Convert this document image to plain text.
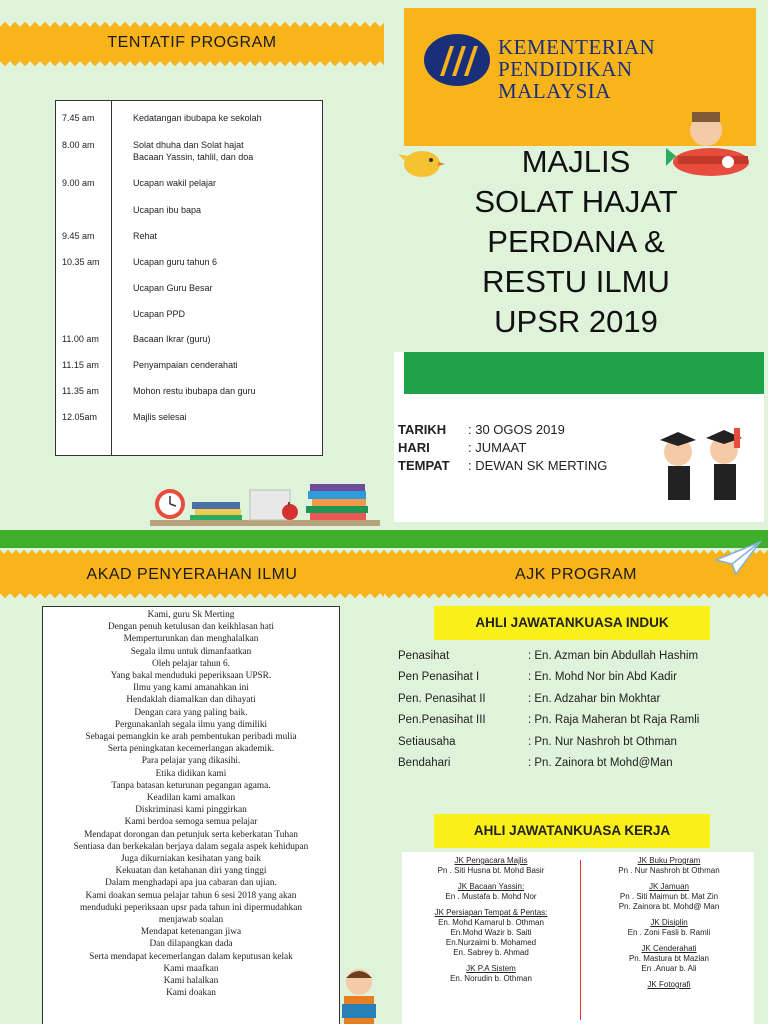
TENTATIF PROGRAM
7.45 am	Kedatangan ibubapa ke sekolah
8.00 am	Solat dhuha dan Solat hajat
Bacaan Yassin, tahlil, dan doa
9.00 am	Ucapan wakil pelajar
Ucapan ibu bapa
9.45 am	Rehat
10.35 am	Ucapan guru tahun 6
Ucapan Guru Besar
Ucapan PPD
11.00 am	Bacaan Ikrar (guru)
11.15 am	Penyampaian cenderahati
11.35 am	Mohon restu ibubapa dan guru
12.05am	Majlis selesai
KEMENTERIAN
PENDIDIKAN
MALAYSIA
MAJLIS
SOLAT HAJAT
PERDANA &
RESTU ILMU
UPSR 2019
TARIKH	: 30 OGOS 2019
HARI	: JUMAAT
TEMPAT	: DEWAN SK MERTING
AKAD PENYERAHAN ILMU
Kami, guru Sk Merting
Dengan penuh ketulusan dan keikhlasan hati
Memperturunkan dan menghalalkan
Segala ilmu untuk dimanfaatkan
Oleh pelajar tahun 6.
Yang bakal menduduki peperiksaan UPSR.
Ilmu yang kami amanahkan ini
Hendaklah diamalkan dan dihayati
Dengan cara yang paling baik.
Pergunakanlah segala ilmu yang dimiliki
Sebagai pemangkin ke arah pembentukan peribadi mulia
Serta peningkatan kecemerlangan akademik.
Para pelajar yang dikasihi.
Etika didikan kami
Tanpa batasan keturunan pegangan agama.
Keadilan kami amalkan
Diskriminasi kami pinggirkan
Kami berdoa semoga semua pelajar
Mendapat dorongan dan petunjuk serta keberkatan Tuhan
Sentiasa dan berkekalan berjaya dalam segala aspek kehidupan
Juga dikurniakan kesihatan yang baik
Kekuatan dan ketahanan diri yang tinggi
Dalam menghadapi apa jua cabaran dan ujian.
Kami doakan semua pelajar tahun 6 sesi 2018 yang akan
menduduki peperiksaan upsr pada tahun ini dipermudahkan
menjawab soalan
Mendapat ketenangan jiwa
Dan dilapangkan dada
Serta mendapat kecemerlangan dalam keputusan kelak
Kami maafkan
Kami halalkan
Kami doakan
AJK PROGRAM
AHLI JAWATANKUASA INDUK
Penasihat	: En. Azman bin Abdullah Hashim
Pen Penasihat I	: En. Mohd Nor bin Abd Kadir
Pen. Penasihat II	: En. Adzahar bin Mokhtar
Pen.Penasihat III	: Pn. Raja Maheran bt Raja Ramli
Setiausaha	: Pn. Nur Nashroh bt Othman
Bendahari	: Pn. Zainora bt Mohd@Man
AHLI JAWATANKUASA KERJA
JK Pengacara Majlis
Pn . Siti Husna bt. Mohd Basir
JK Bacaan Yassin:
En . Mustafa b. Mohd Nor
JK Persiapan Tempat & Pentas:
En. Mohd Kamarul b. Othman
En.Mohd Wazir b. Saiti
En.Nurzaimi b. Mohamed
En. Sabrey b. Ahmad
JK P.A Sistem
En. Norudin b. Othman
JK Buku Program
Pn . Nur Nashroh bt Othman
JK Jamuan
Pn . Siti Maimun bt. Mat Zin
Pn. Zainora bt. Mohd@ Man
JK Disiplin
En . Zoni Fasli b. Ramli
JK Cenderahati
Pn. Mastura bt Mazlan
En .Anuar b. Ali
JK Fotografi
